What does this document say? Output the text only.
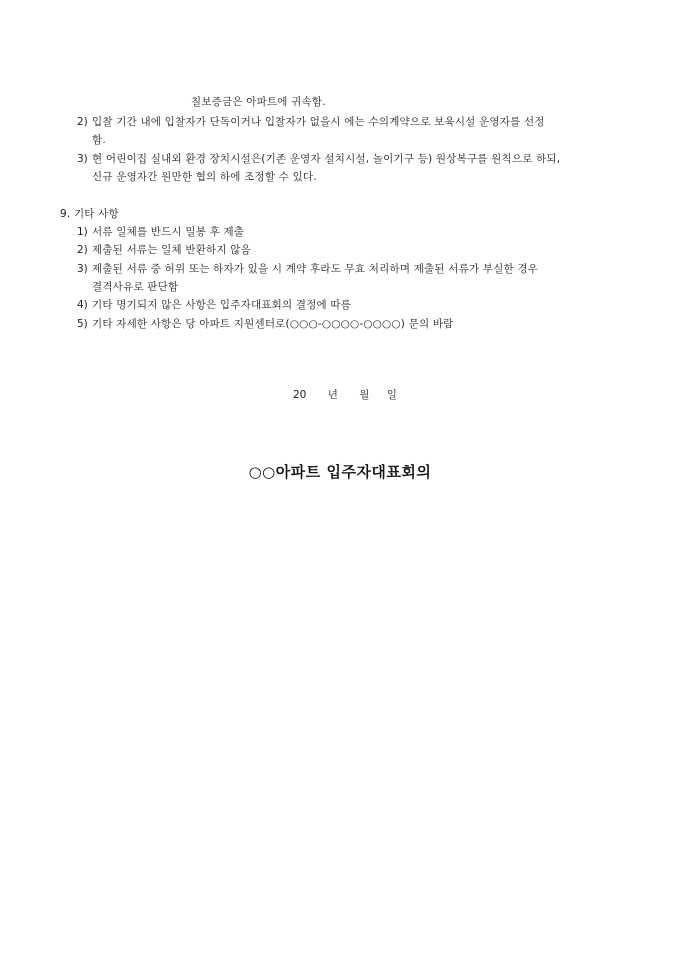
칠보증금은 아파트에 귀속함.
2) 입찰 기간 내에 입찰자가 단독이거나 입찰자가 없을시 에는 수의계약으로 보육시설 운영자를 선정
함.
3) 현 어린이집 실내외 환경 장치시설은(기존 운영자 설치시설, 놀이기구 등) 원상복구를 원칙으로 하되,
신규 운영자간 원만한 협의 하에 조정할 수 있다.
9. 기타 사항
1) 서류 일체를 반드시 밀봉 후 제출
2) 제출된 서류는 일체 반환하지 않음
3) 제출된 서류 중 허위 또는 하자가 있을 시 계약 후라도 무효 처리하며 제출된 서류가 부실한 경우
결격사유로 판단함
4) 기타 명기되지 않은 사항은 입주자대표회의 결정에 따름
5) 기타 자세한 사항은 당 아파트 지원센터로(○○○-○○○○-○○○○) 문의 바람
20 년 월 일
○○아파트 입주자대표회의
